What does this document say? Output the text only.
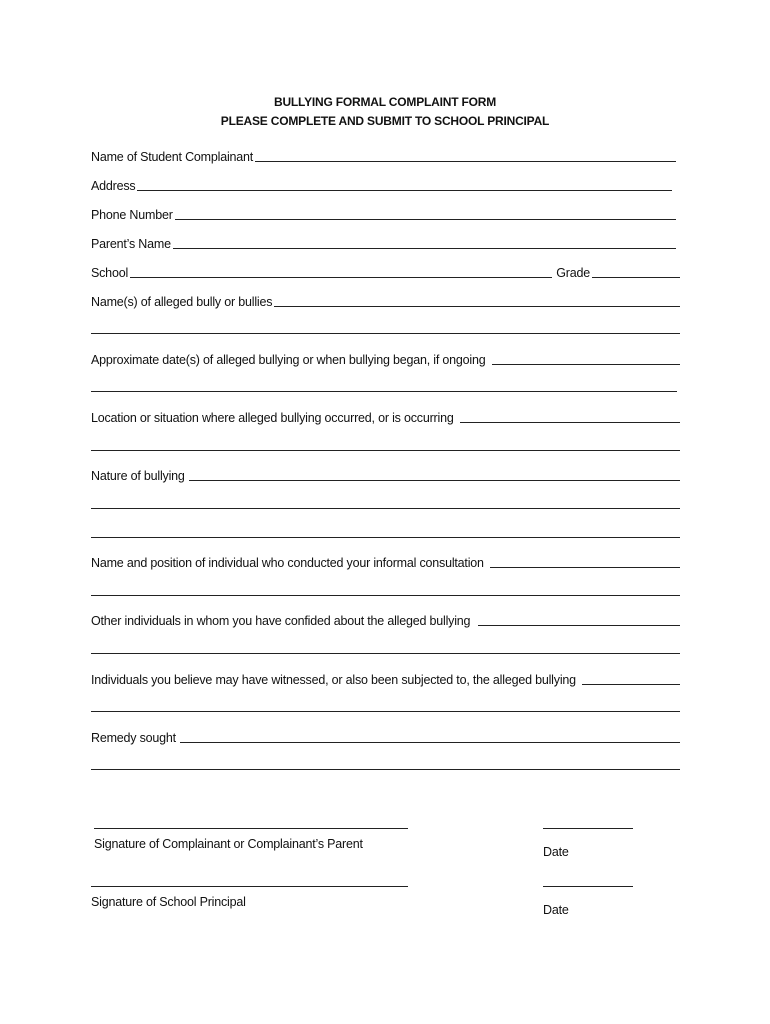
BULLYING FORMAL COMPLAINT FORM
PLEASE COMPLETE AND SUBMIT TO SCHOOL PRINCIPAL
Name of Student Complainant
Address
Phone Number
Parent’s Name
School	Grade
Name(s) of alleged bully or bullies
Approximate date(s) of alleged bullying or when bullying began, if ongoing
Location or situation where alleged bullying occurred, or is occurring
Nature of bullying
Name and position of individual who conducted your informal consultation
Other individuals in whom you have confided about the alleged bullying
Individuals you believe may have witnessed, or also been subjected to, the alleged bullying
Remedy sought
Signature of Complainant or Complainant’s Parent
Date
Signature of School Principal
Date
